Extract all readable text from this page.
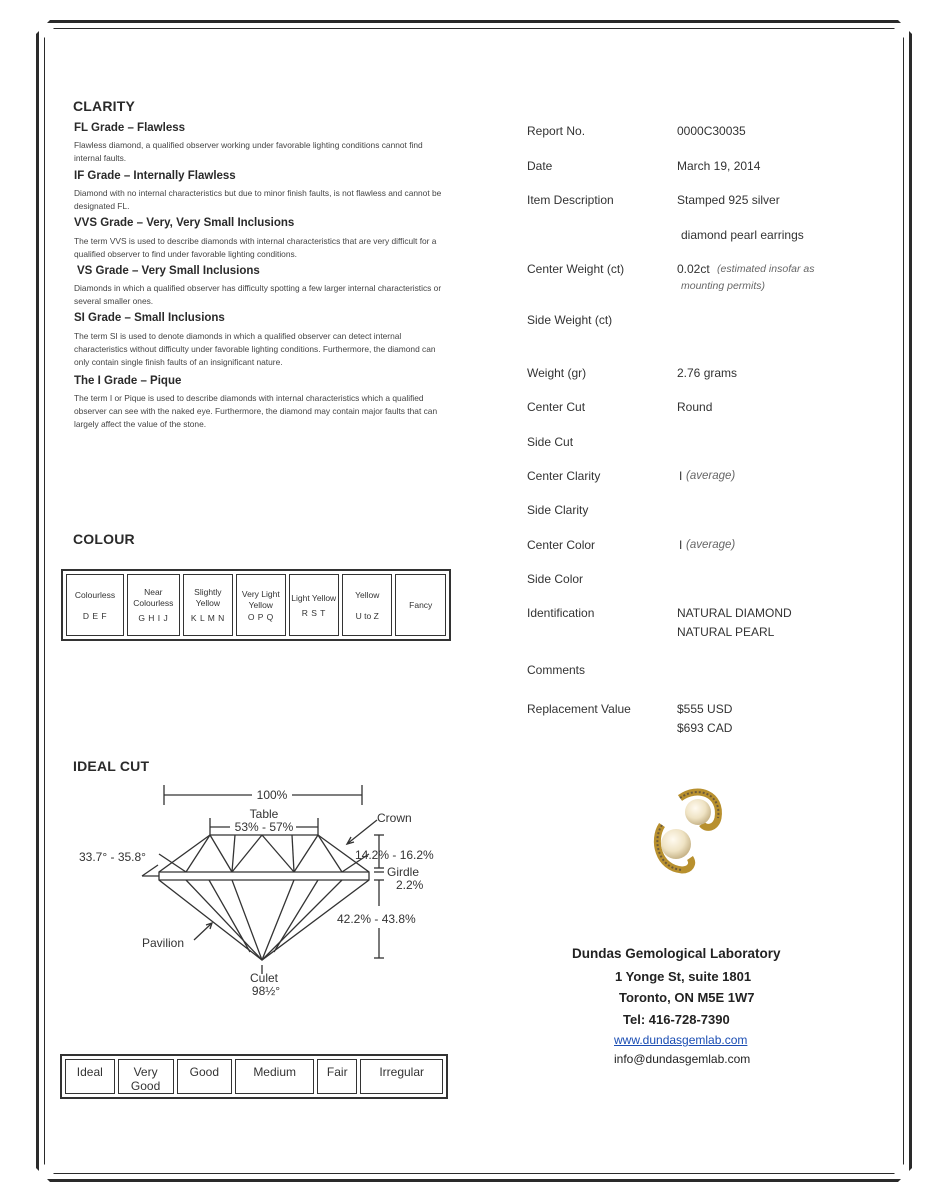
CLARITY
FL Grade – Flawless
Flawless diamond, a qualified observer working under favorable lighting conditions cannot find internal faults.
IF Grade – Internally Flawless
Diamond with no internal characteristics but due to minor finish faults, is not flawless and cannot be designated FL.
VVS Grade – Very, Very Small Inclusions
The term VVS is used to describe diamonds with internal characteristics that are very difficult for a qualified observer to find under favorable lighting conditions.
VS Grade – Very Small Inclusions
Diamonds in which a qualified observer has difficulty spotting a few larger internal characteristics or several smaller ones.
SI Grade – Small Inclusions
The term SI is used to denote diamonds in which a qualified observer can detect internal characteristics without difficulty under favorable lighting conditions. Furthermore, the diamond can only contain single finish faults of an insignificant nature.
The I Grade – Pique
The term I or Pique is used to describe diamonds with internal characteristics which a qualified observer can see with the naked eye. Furthermore, the diamond may contain major faults that can largely affect the value of the stone.
COLOUR
Colourless
D E F

Near Colourless
G H I J

Slightly Yellow
K L M N

Very Light Yellow
O P Q

Light Yellow
R S T

Yellow
U to Z

Fancy
IDEAL CUT
100%
Table
53% - 57%
Crown
33.7° - 35.8°	14.2% - 16.2%
Girdle
2.2%
42.2% - 43.8%
Pavilion
Culet
98½°
Ideal	Very Good	Good	Medium	Fair	Irregular
Report No.	0000C30035
Date	March 19, 2014
Item Description	Stamped 925 silver
diamond pearl earrings
Center Weight (ct)	0.02ct (estimated insofar as
mounting permits)
Side Weight (ct)
Weight (gr)	2.76 grams
Center Cut	Round
Side Cut
Center Clarity	I (average)
Side Clarity
Center Color	I (average)
Side Color
Identification	NATURAL DIAMOND
NATURAL PEARL
Comments
Replacement Value	$555 USD
$693 CAD
Dundas Gemological Laboratory
1 Yonge St, suite 1801
Toronto, ON M5E 1W7
Tel: 416-728-7390
www.dundasgemlab.com
info@dundasgemlab.com
